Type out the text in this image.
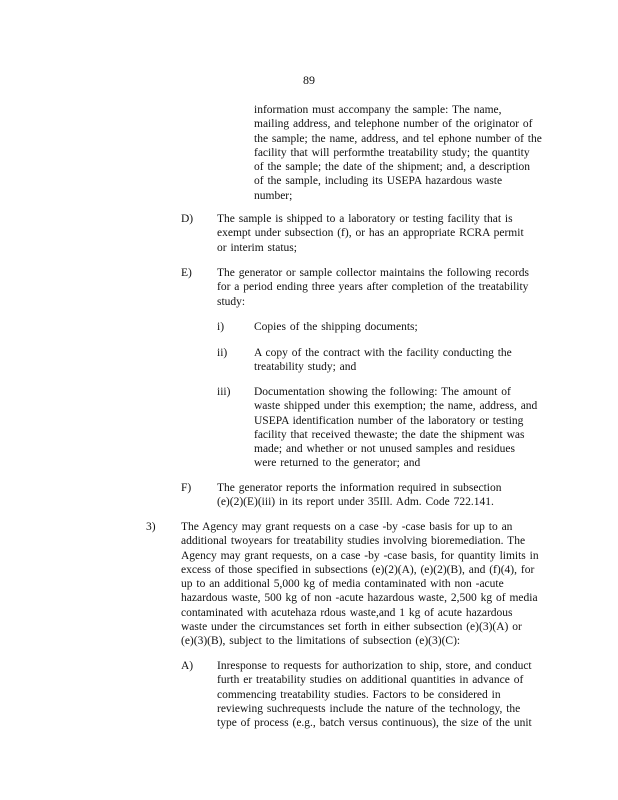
89
information must accompany the sample: The name,
mailing address, and telephone number of the originator of
the sample; the name, address, and tel ephone number of the
facility that will performthe treatability study; the quantity
of the sample; the date of the shipment; and, a description
of the sample, including its USEPA hazardous waste
number;
D) The sample is shipped to a laboratory or testing facility that is
exempt under subsection (f), or has an appropriate RCRA permit
or interim status;
E) The generator or sample collector maintains the following records
for a period ending three years after completion of the treatability
study:
i)	Copies of the shipping documents;
ii) A copy of the contract with the facility conducting the
treatability study; and
iii) Documentation showing the following: The amount of
waste shipped under this exemption; the name, address, and
USEPA identification number of the laboratory or testing
facility that received thewaste; the date the shipment was
made; and whether or not unused samples and residues
were returned to the generator; and
F) The generator reports the information required in subsection
(e)(2)(E)(iii) in its report under 35Ill. Adm. Code 722.141.
3) The Agency may grant requests on a case -by -case basis for up to an
additional twoyears for treatability studies involving bioremediation. The
Agency may grant requests, on a case -by -case basis, for quantity limits in
excess of those specified in subsections (e)(2)(A), (e)(2)(B), and (f)(4), for
up to an additional 5,000 kg of media contaminated with non -acute
hazardous waste, 500 kg of non -acute hazardous waste, 2,500 kg of media
contaminated with acutehaza rdous waste,and 1 kg of acute hazardous
waste under the circumstances set forth in either subsection (e)(3)(A) or
(e)(3)(B), subject to the limitations of subsection (e)(3)(C):
A) Inresponse to requests for authorization to ship, store, and conduct
furth er treatability studies on additional quantities in advance of
commencing treatability studies. Factors to be considered in
reviewing suchrequests include the nature of the technology, the
type of process (e.g., batch versus continuous), the size of the unit
